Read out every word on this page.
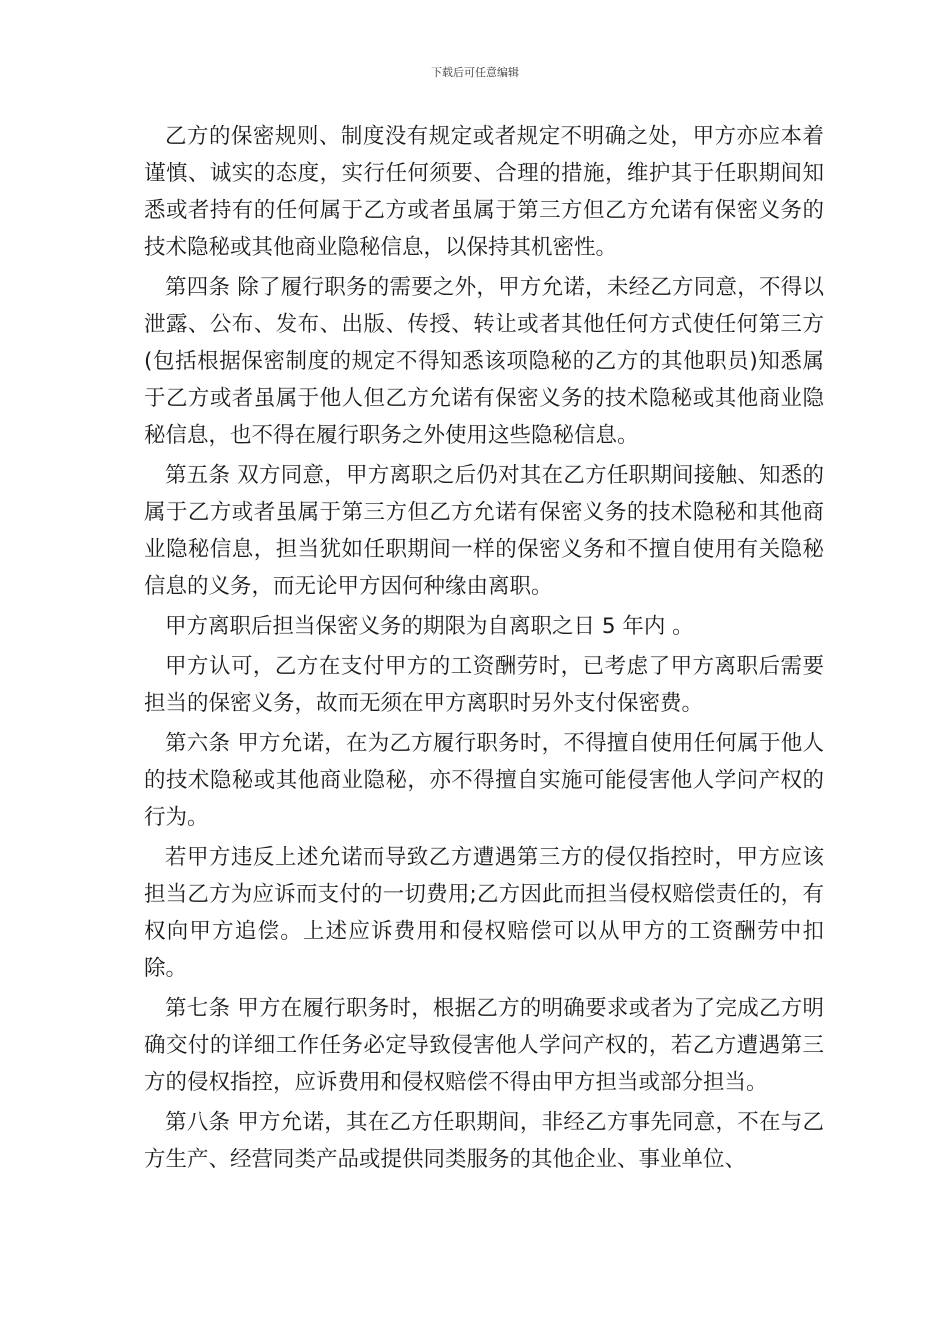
下载后可任意编辑

乙方的保密规则、制度没有规定或者规定不明确之处，甲方亦应本着谨慎、诚实的态度，实行任何须要、合理的措施，维护其于任职期间知悉或者持有的任何属于乙方或者虽属于第三方但乙方允诺有保密义务的技术隐秘或其他商业隐秘信息，以保持其机密性。

第四条 除了履行职务的需要之外，甲方允诺，未经乙方同意，不得以泄露、公布、发布、出版、传授、转让或者其他任何方式使任何第三方(包括根据保密制度的规定不得知悉该项隐秘的乙方的其他职员)知悉属于乙方或者虽属于他人但乙方允诺有保密义务的技术隐秘或其他商业隐秘信息，也不得在履行职务之外使用这些隐秘信息。

第五条 双方同意，甲方离职之后仍对其在乙方任职期间接触、知悉的属于乙方或者虽属于第三方但乙方允诺有保密义务的技术隐秘和其他商业隐秘信息，担当犹如任职期间一样的保密义务和不擅自使用有关隐秘信息的义务，而无论甲方因何种缘由离职。

甲方离职后担当保密义务的期限为自离职之日 5 年内 。

甲方认可，乙方在支付甲方的工资酬劳时，已考虑了甲方离职后需要担当的保密义务，故而无须在甲方离职时另外支付保密费。

第六条 甲方允诺，在为乙方履行职务时，不得擅自使用任何属于他人的技术隐秘或其他商业隐秘，亦不得擅自实施可能侵害他人学问产权的行为。

若甲方违反上述允诺而导致乙方遭遇第三方的侵仅指控时，甲方应该担当乙方为应诉而支付的一切费用;乙方因此而担当侵权赔偿责任的，有权向甲方追偿。上述应诉费用和侵权赔偿可以从甲方的工资酬劳中扣除。

第七条 甲方在履行职务时，根据乙方的明确要求或者为了完成乙方明确交付的详细工作任务必定导致侵害他人学问产权的，若乙方遭遇第三方的侵权指控，应诉费用和侵权赔偿不得由甲方担当或部分担当。

第八条 甲方允诺，其在乙方任职期间，非经乙方事先同意，不在与乙方生产、经营同类产品或提供同类服务的其他企业、事业单位、
